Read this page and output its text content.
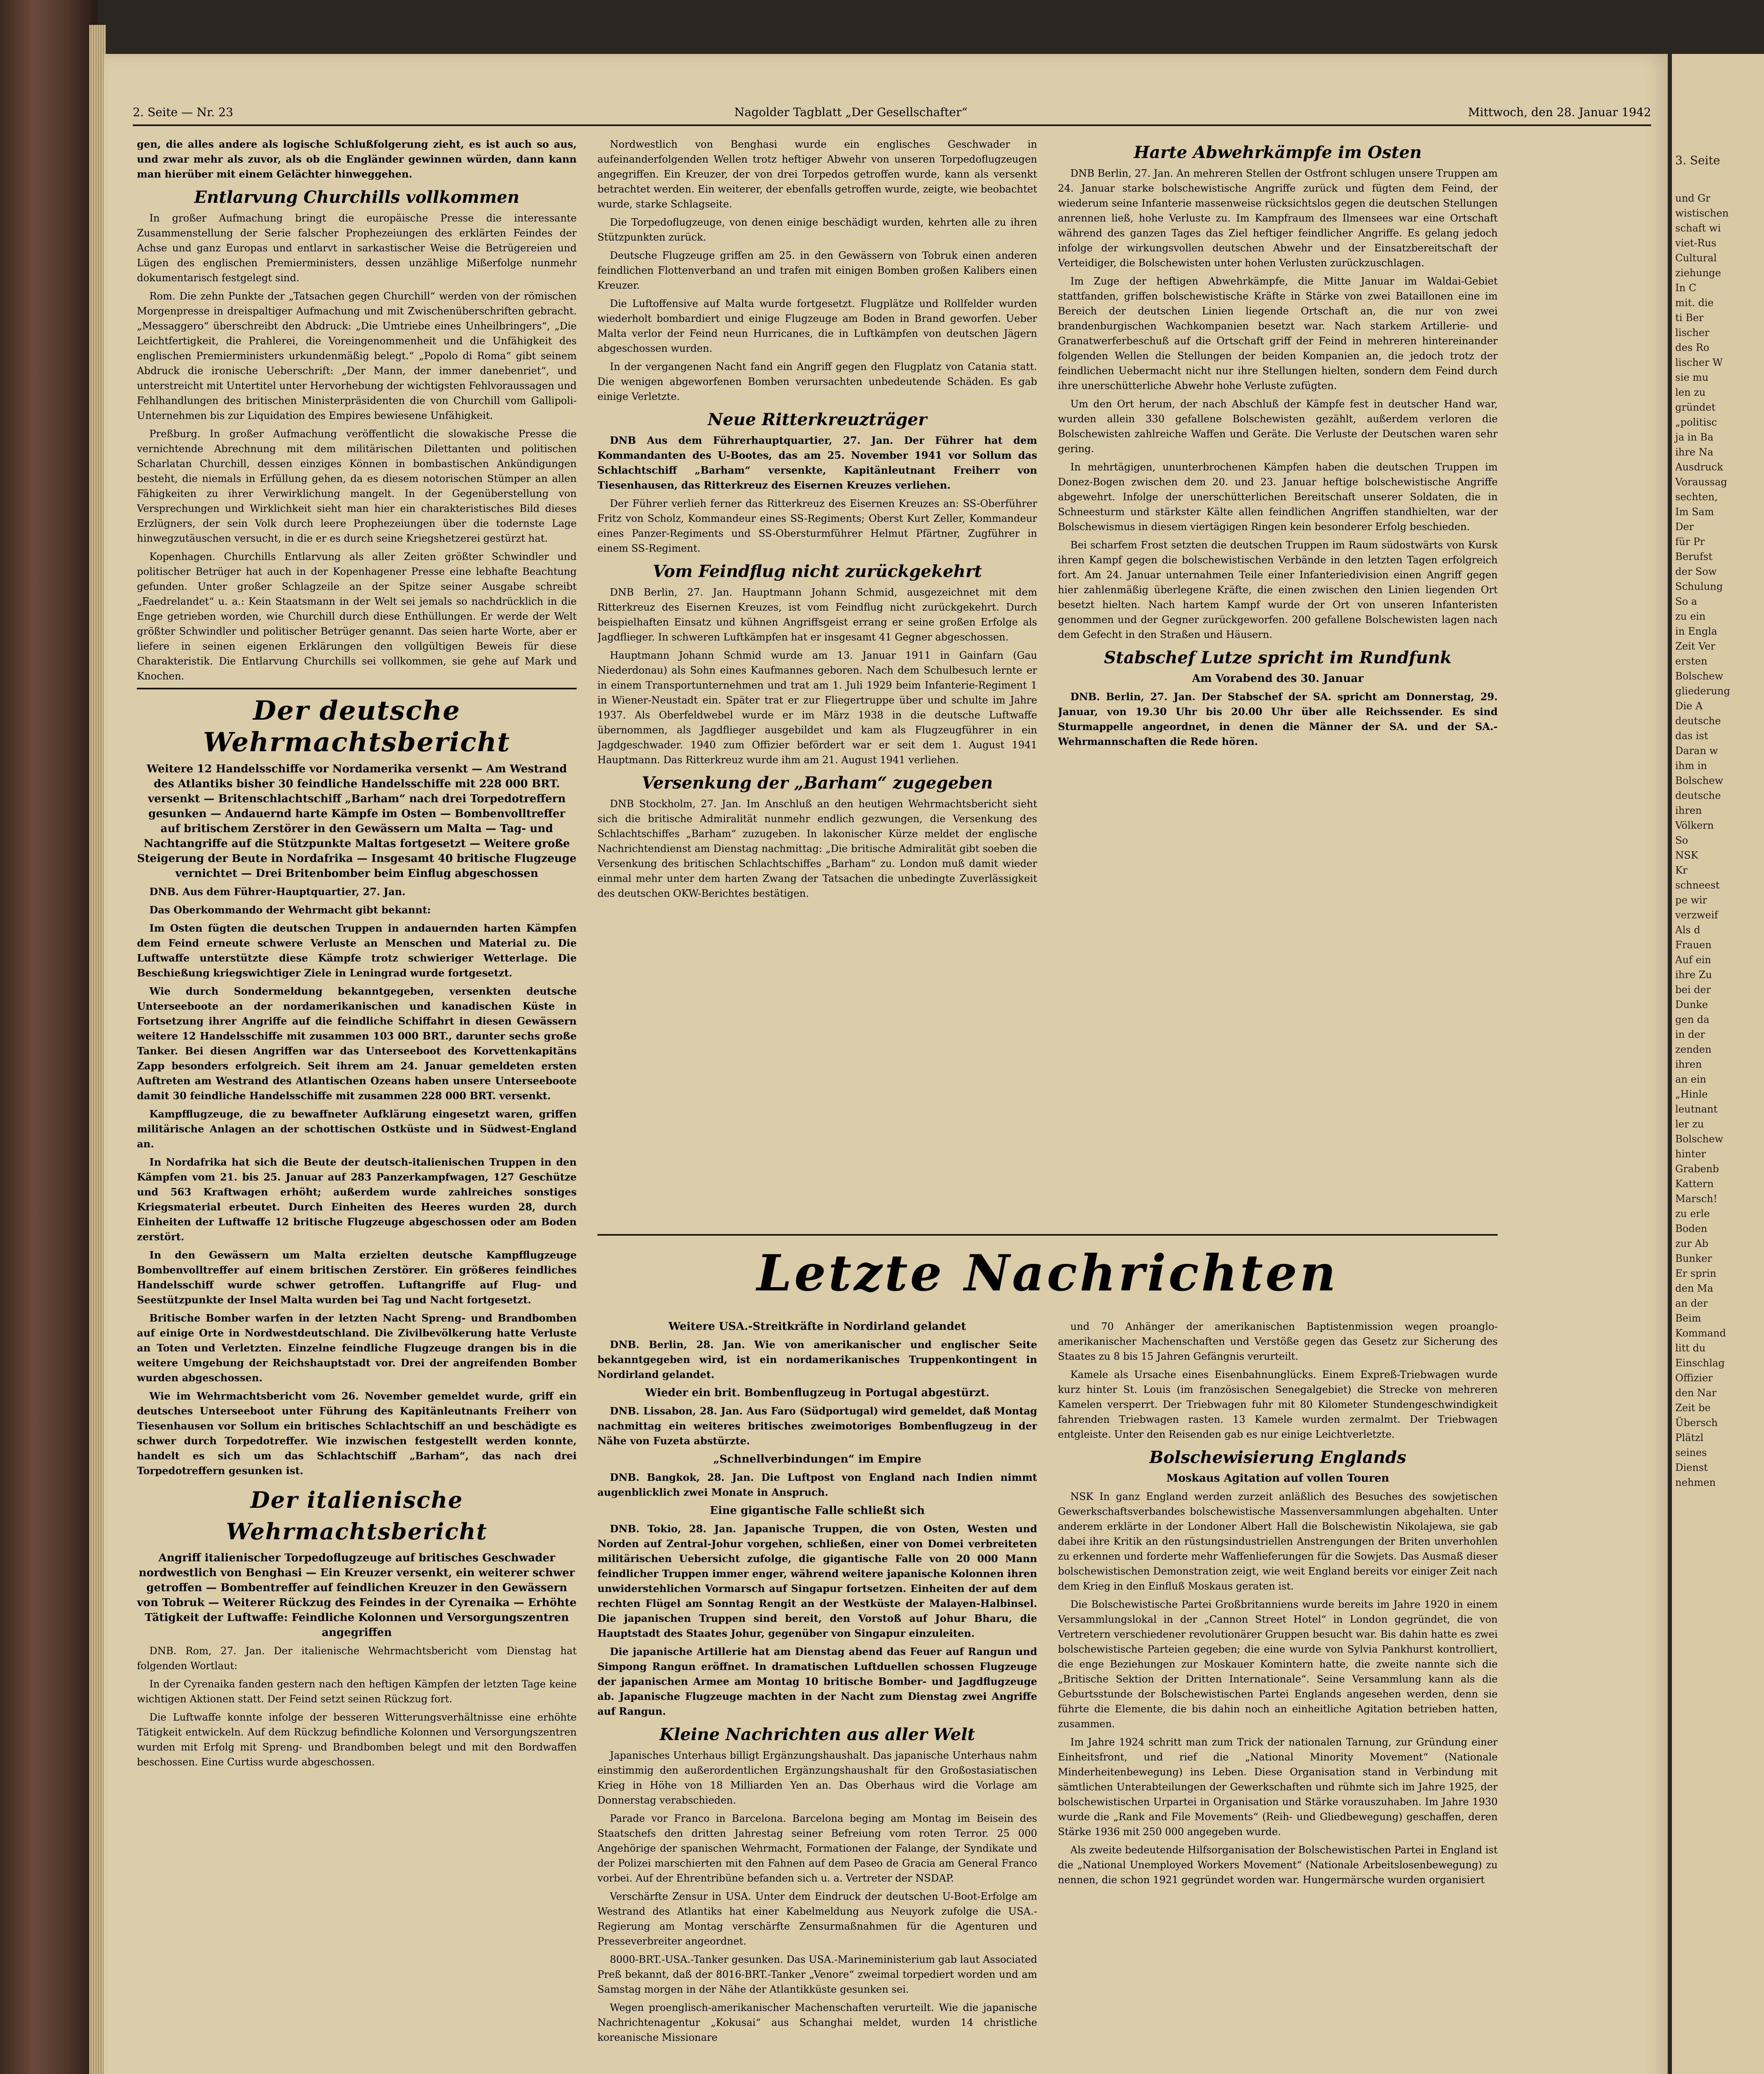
2. Seite — Nr. 23	Nagolder Tagblatt „Der Gesellschafter“	Mittwoch, den 28. Januar 1942

gen, die alles andere als logische Schlußfolgerung zieht, es ist auch so aus, und zwar mehr als zuvor, als ob die Engländer gewinnen würden, dann kann man hierüber mit einem Gelächter hinweggehen.

Entlarvung Churchills vollkommen

In großer Aufmachung bringt die europäische Presse die interessante Zusammenstellung der Serie falscher Prophezeiungen des erklärten Feindes der Achse und ganz Europas und entlarvt in sarkastischer Weise die Betrügereien und Lügen des englischen Premierministers, dessen unzählige Mißerfolge nunmehr dokumentarisch festgelegt sind.

Rom. Die zehn Punkte der „Tatsachen gegen Churchill“ werden von der römischen Morgenpresse in dreispaltiger Aufmachung und mit Zwischenüberschriften gebracht. „Messaggero“ überschreibt den Abdruck: „Die Umtriebe eines Unheilbringers“, „Die Leichtfertigkeit, die Prahlerei, die Voreingenommenheit und die Unfähigkeit des englischen Premierministers urkundenmäßig belegt.“ „Popolo di Roma“ gibt seinem Abdruck die ironische Ueberschrift: „Der Mann, der immer danebenriet“, und unterstreicht mit Untertitel unter Hervorhebung der wichtigsten Fehlvoraussagen und Fehlhandlungen des britischen Ministerpräsidenten die von Churchill vom Gallipoli-Unternehmen bis zur Liquidation des Empires bewiesene Unfähigkeit.

Preßburg. In großer Aufmachung veröffentlicht die slowakische Presse die vernichtende Abrechnung mit dem militärischen Dilettanten und politischen Scharlatan Churchill, dessen einziges Können in bombastischen Ankündigungen besteht, die niemals in Erfüllung gehen, da es diesem notorischen Stümper an allen Fähigkeiten zu ihrer Verwirklichung mangelt. In der Gegenüberstellung von Versprechungen und Wirklichkeit sieht man hier ein charakteristisches Bild dieses Erzlügners, der sein Volk durch leere Prophezeiungen über die todernste Lage hinwegzutäuschen versucht, in die er es durch seine Kriegshetzerei gestürzt hat.

Kopenhagen. Churchills Entlarvung als aller Zeiten größter Schwindler und politischer Betrüger hat auch in der Kopenhagener Presse eine lebhafte Beachtung gefunden. Unter großer Schlagzeile an der Spitze seiner Ausgabe schreibt „Faedrelandet“ u. a.: Kein Staatsmann in der Welt sei jemals so nachdrücklich in die Enge getrieben worden, wie Churchill durch diese Enthüllungen. Er werde der Welt größter Schwindler und politischer Betrüger genannt. Das seien harte Worte, aber er liefere in seinen eigenen Erklärungen den vollgültigen Beweis für diese Charakteristik. Die Entlarvung Churchills sei vollkommen, sie gehe auf Mark und Knochen.

Der deutsche Wehrmachtsbericht
Weitere 12 Handelsschiffe vor Nordamerika versenkt — Am Westrand des Atlantiks bisher 30 feindliche Handelsschiffe mit 228 000 BRT. versenkt — Britenschlachtschiff „Barham“ nach drei Torpedotreffern gesunken — Andauernd harte Kämpfe im Osten — Bombenvolltreffer auf britischem Zerstörer in den Gewässern um Malta — Tag- und Nachtangriffe auf die Stützpunkte Maltas fortgesetzt — Weitere große Steigerung der Beute in Nordafrika — Insgesamt 40 britische Flugzeuge vernichtet — Drei Britenbomber beim Einflug abgeschossen

DNB. Aus dem Führer-Hauptquartier, 27. Jan.

Das Oberkommando der Wehrmacht gibt bekannt:

Im Osten fügten die deutschen Truppen in andauernden harten Kämpfen dem Feind erneute schwere Verluste an Menschen und Material zu. Die Luftwaffe unterstützte diese Kämpfe trotz schwieriger Wetterlage. Die Beschießung kriegswichtiger Ziele in Leningrad wurde fortgesetzt.

Wie durch Sondermeldung bekanntgegeben, versenkten deutsche Unterseeboote an der nordamerikanischen und kanadischen Küste in Fortsetzung ihrer Angriffe auf die feindliche Schiffahrt in diesen Gewässern weitere 12 Handelsschiffe mit zusammen 103 000 BRT., darunter sechs große Tanker. Bei diesen Angriffen war das Unterseeboot des Korvettenkapitäns Zapp besonders erfolgreich. Seit ihrem am 24. Januar gemeldeten ersten Auftreten am Westrand des Atlantischen Ozeans haben unsere Unterseeboote damit 30 feindliche Handelsschiffe mit zusammen 228 000 BRT. versenkt.

Kampfflugzeuge, die zu bewaffneter Aufklärung eingesetzt waren, griffen militärische Anlagen an der schottischen Ostküste und in Südwest-England an.

In Nordafrika hat sich die Beute der deutsch-italienischen Truppen in den Kämpfen vom 21. bis 25. Januar auf 283 Panzerkampfwagen, 127 Geschütze und 563 Kraftwagen erhöht; außerdem wurde zahlreiches sonstiges Kriegsmaterial erbeutet. Durch Einheiten des Heeres wurden 28, durch Einheiten der Luftwaffe 12 britische Flugzeuge abgeschossen oder am Boden zerstört.

In den Gewässern um Malta erzielten deutsche Kampfflugzeuge Bombenvolltreffer auf einem britischen Zerstörer. Ein größeres feindliches Handelsschiff wurde schwer getroffen. Luftangriffe auf Flug- und Seestützpunkte der Insel Malta wurden bei Tag und Nacht fortgesetzt.

Britische Bomber warfen in der letzten Nacht Spreng- und Brandbomben auf einige Orte in Nordwestdeutschland. Die Zivilbevölkerung hatte Verluste an Toten und Verletzten. Einzelne feindliche Flugzeuge drangen bis in die weitere Umgebung der Reichshauptstadt vor. Drei der angreifenden Bomber wurden abgeschossen.

Wie im Wehrmachtsbericht vom 26. November gemeldet wurde, griff ein deutsches Unterseeboot unter Führung des Kapitänleutnants Freiherr von Tiesenhausen vor Sollum ein britisches Schlachtschiff an und beschädigte es schwer durch Torpedotreffer. Wie inzwischen festgestellt werden konnte, handelt es sich um das Schlachtschiff „Barham“, das nach drei Torpedotreffern gesunken ist.

Der italienische Wehrmachtsbericht
Angriff italienischer Torpedoflugzeuge auf britisches Geschwader nordwestlich von Benghasi — Ein Kreuzer versenkt, ein weiterer schwer getroffen — Bombentreffer auf feindlichen Kreuzer in den Gewässern von Tobruk — Weiterer Rückzug des Feindes in der Cyrenaika — Erhöhte Tätigkeit der Luftwaffe: Feindliche Kolonnen und Versorgungszentren angegriffen

DNB. Rom, 27. Jan. Der italienische Wehrmachtsbericht vom Dienstag hat folgenden Wortlaut:

In der Cyrenaika fanden gestern nach den heftigen Kämpfen der letzten Tage keine wichtigen Aktionen statt. Der Feind setzt seinen Rückzug fort.

Die Luftwaffe konnte infolge der besseren Witterungsverhältnisse eine erhöhte Tätigkeit entwickeln. Auf dem Rückzug befindliche Kolonnen und Versorgungszentren wurden mit Erfolg mit Spreng- und Brandbomben belegt und mit den Bordwaffen beschossen. Eine Curtiss wurde abgeschossen.

Nordwestlich von Benghasi wurde ein englisches Geschwader in aufeinanderfolgenden Wellen trotz heftiger Abwehr von unseren Torpedoflugzeugen angegriffen. Ein Kreuzer, der von drei Torpedos getroffen wurde, kann als versenkt betrachtet werden. Ein weiterer, der ebenfalls getroffen wurde, zeigte, wie beobachtet wurde, starke Schlagseite.

Die Torpedoflugzeuge, von denen einige beschädigt wurden, kehrten alle zu ihren Stützpunkten zurück.

Deutsche Flugzeuge griffen am 25. in den Gewässern von Tobruk einen anderen feindlichen Flottenverband an und trafen mit einigen Bomben großen Kalibers einen Kreuzer.

Die Luftoffensive auf Malta wurde fortgesetzt. Flugplätze und Rollfelder wurden wiederholt bombardiert und einige Flugzeuge am Boden in Brand geworfen. Ueber Malta verlor der Feind neun Hurricanes, die in Luftkämpfen von deutschen Jägern abgeschossen wurden.

In der vergangenen Nacht fand ein Angriff gegen den Flugplatz von Catania statt. Die wenigen abgeworfenen Bomben verursachten unbedeutende Schäden. Es gab einige Verletzte.

Neue Ritterkreuzträger

DNB Aus dem Führerhauptquartier, 27. Jan. Der Führer hat dem Kommandanten des U-Bootes, das am 25. November 1941 vor Sollum das Schlachtschiff „Barham“ versenkte, Kapitänleutnant Freiherr von Tiesenhausen, das Ritterkreuz des Eisernen Kreuzes verliehen.

Der Führer verlieh ferner das Ritterkreuz des Eisernen Kreuzes an: SS-Oberführer Fritz von Scholz, Kommandeur eines SS-Regiments; Oberst Kurt Zeller, Kommandeur eines Panzer-Regiments und SS-Obersturmführer Helmut Pfärtner, Zugführer in einem SS-Regiment.

Vom Feindflug nicht zurückgekehrt

DNB Berlin, 27. Jan. Hauptmann Johann Schmid, ausgezeichnet mit dem Ritterkreuz des Eisernen Kreuzes, ist vom Feindflug nicht zurückgekehrt. Durch beispielhaften Einsatz und kühnen Angriffsgeist errang er seine großen Erfolge als Jagdflieger. In schweren Luftkämpfen hat er insgesamt 41 Gegner abgeschossen.

Hauptmann Johann Schmid wurde am 13. Januar 1911 in Gainfarn (Gau Niederdonau) als Sohn eines Kaufmannes geboren. Nach dem Schulbesuch lernte er in einem Transportunternehmen und trat am 1. Juli 1929 beim Infanterie-Regiment 1 in Wiener-Neustadt ein. Später trat er zur Fliegertruppe über und schulte im Jahre 1937. Als Oberfeldwebel wurde er im März 1938 in die deutsche Luftwaffe übernommen, als Jagdflieger ausgebildet und kam als Flugzeugführer in ein Jagdgeschwader. 1940 zum Offizier befördert war er seit dem 1. August 1941 Hauptmann. Das Ritterkreuz wurde ihm am 21. August 1941 verliehen.

Versenkung der „Barham“ zugegeben

DNB Stockholm, 27. Jan. Im Anschluß an den heutigen Wehrmachtsbericht sieht sich die britische Admiralität nunmehr endlich gezwungen, die Versenkung des Schlachtschiffes „Barham“ zuzugeben. In lakonischer Kürze meldet der englische Nachrichtendienst am Dienstag nachmittag: „Die britische Admiralität gibt soeben die Versenkung des britischen Schlachtschiffes „Barham“ zu. London muß damit wieder einmal mehr unter dem harten Zwang der Tatsachen die unbedingte Zuverlässigkeit des deutschen OKW-Berichtes bestätigen.

Harte Abwehrkämpfe im Osten

DNB Berlin, 27. Jan. An mehreren Stellen der Ostfront schlugen unsere Truppen am 24. Januar starke bolschewistische Angriffe zurück und fügten dem Feind, der wiederum seine Infanterie massenweise rücksichtslos gegen die deutschen Stellungen anrennen ließ, hohe Verluste zu. Im Kampfraum des Ilmensees war eine Ortschaft während des ganzen Tages das Ziel heftiger feindlicher Angriffe. Es gelang jedoch infolge der wirkungsvollen deutschen Abwehr und der Einsatzbereitschaft der Verteidiger, die Bolschewisten unter hohen Verlusten zurückzuschlagen.

Im Zuge der heftigen Abwehrkämpfe, die Mitte Januar im Waldai-Gebiet stattfanden, griffen bolschewistische Kräfte in Stärke von zwei Bataillonen eine im Bereich der deutschen Linien liegende Ortschaft an, die nur von zwei brandenburgischen Wachkompanien besetzt war. Nach starkem Artillerie- und Granatwerferbeschuß auf die Ortschaft griff der Feind in mehreren hintereinander folgenden Wellen die Stellungen der beiden Kompanien an, die jedoch trotz der feindlichen Uebermacht nicht nur ihre Stellungen hielten, sondern dem Feind durch ihre unerschütterliche Abwehr hohe Verluste zufügten.

Um den Ort herum, der nach Abschluß der Kämpfe fest in deutscher Hand war, wurden allein 330 gefallene Bolschewisten gezählt, außerdem verloren die Bolschewisten zahlreiche Waffen und Geräte. Die Verluste der Deutschen waren sehr gering.

In mehrtägigen, ununterbrochenen Kämpfen haben die deutschen Truppen im Donez-Bogen zwischen dem 20. und 23. Januar heftige bolschewistische Angriffe abgewehrt. Infolge der unerschütterlichen Bereitschaft unserer Soldaten, die in Schneesturm und stärkster Kälte allen feindlichen Angriffen standhielten, war der Bolschewismus in diesem viertägigen Ringen kein besonderer Erfolg beschieden.

Bei scharfem Frost setzten die deutschen Truppen im Raum südostwärts von Kursk ihren Kampf gegen die bolschewistischen Verbände in den letzten Tagen erfolgreich fort. Am 24. Januar unternahmen Teile einer Infanteriedivision einen Angriff gegen hier zahlenmäßig überlegene Kräfte, die einen zwischen den Linien liegenden Ort besetzt hielten. Nach hartem Kampf wurde der Ort von unseren Infanteristen genommen und der Gegner zurückgeworfen. 200 gefallene Bolschewisten lagen nach dem Gefecht in den Straßen und Häusern.

Stabschef Lutze spricht im Rundfunk
Am Vorabend des 30. Januar

DNB. Berlin, 27. Jan. Der Stabschef der SA. spricht am Donnerstag, 29. Januar, von 19.30 Uhr bis 20.00 Uhr über alle Reichssender. Es sind Sturmappelle angeordnet, in denen die Männer der SA. und der SA.-Wehrmannschaften die Rede hören.

Letzte Nachrichten
Weitere USA.-Streitkräfte in Nordirland gelandet

DNB. Berlin, 28. Jan. Wie von amerikanischer und englischer Seite bekanntgegeben wird, ist ein nordamerikanisches Truppenkontingent in Nordirland gelandet.

Wieder ein brit. Bombenflugzeug in Portugal abgestürzt.

DNB. Lissabon, 28. Jan. Aus Faro (Südportugal) wird gemeldet, daß Montag nachmittag ein weiteres britisches zweimotoriges Bombenflugzeug in der Nähe von Fuzeta abstürzte.

„Schnellverbindungen“ im Empire

DNB. Bangkok, 28. Jan. Die Luftpost von England nach Indien nimmt augenblicklich zwei Monate in Anspruch.

Eine gigantische Falle schließt sich

DNB. Tokio, 28. Jan. Japanische Truppen, die von Osten, Westen und Norden auf Zentral-Johur vorgehen, schließen, einer von Domei verbreiteten militärischen Uebersicht zufolge, die gigantische Falle von 20 000 Mann feindlicher Truppen immer enger, während weitere japanische Kolonnen ihren unwiderstehlichen Vormarsch auf Singapur fortsetzen. Einheiten der auf dem rechten Flügel am Sonntag Rengit an der Westküste der Malayen-Halbinsel. Die japanischen Truppen sind bereit, den Vorstoß auf Johur Bharu, die Hauptstadt des Staates Johur, gegenüber von Singapur einzuleiten.

Die japanische Artillerie hat am Dienstag abend das Feuer auf Rangun und Simpong Rangun eröffnet. In dramatischen Luftduellen schossen Flugzeuge der japanischen Armee am Montag 10 britische Bomber- und Jagdflugzeuge ab. Japanische Flugzeuge machten in der Nacht zum Dienstag zwei Angriffe auf Rangun.

Kleine Nachrichten aus aller Welt

Japanisches Unterhaus billigt Ergänzungshaushalt. Das japanische Unterhaus nahm einstimmig den außerordentlichen Ergänzungshaushalt für den Großostasiatischen Krieg in Höhe von 18 Milliarden Yen an. Das Oberhaus wird die Vorlage am Donnerstag verabschieden.

Parade vor Franco in Barcelona. Barcelona beging am Montag im Beisein des Staatschefs den dritten Jahrestag seiner Befreiung vom roten Terror. 25 000 Angehörige der spanischen Wehrmacht, Formationen der Falange, der Syndikate und der Polizei marschierten mit den Fahnen auf dem Paseo de Gracia am General Franco vorbei. Auf der Ehrentribüne befanden sich u. a. Vertreter der NSDAP.

Verschärfte Zensur in USA. Unter dem Eindruck der deutschen U-Boot-Erfolge am Westrand des Atlantiks hat einer Kabelmeldung aus Neuyork zufolge die USA.-Regierung am Montag verschärfte Zensurmaßnahmen für die Agenturen und Presseverbreiter angeordnet.

8000-BRT.-USA.-Tanker gesunken. Das USA.-Marineministerium gab laut Associated Preß bekannt, daß der 8016-BRT.-Tanker „Venore“ zweimal torpediert worden und am Samstag morgen in der Nähe der Atlantikküste gesunken sei.

Wegen proenglisch-amerikanischer Machenschaften verurteilt. Wie die japanische Nachrichtenagentur „Kokusai“ aus Schanghai meldet, wurden 14 christliche koreanische Missionare

und 70 Anhänger der amerikanischen Baptistenmission wegen proanglo-amerikanischer Machenschaften und Verstöße gegen das Gesetz zur Sicherung des Staates zu 8 bis 15 Jahren Gefängnis verurteilt.

Kamele als Ursache eines Eisenbahnunglücks. Einem Expreß-Triebwagen wurde kurz hinter St. Louis (im französischen Senegalgebiet) die Strecke von mehreren Kamelen versperrt. Der Triebwagen fuhr mit 80 Kilometer Stundengeschwindigkeit fahrenden Triebwagen rasten. 13 Kamele wurden zermalmt. Der Triebwagen entgleiste. Unter den Reisenden gab es nur einige Leichtverletzte.

Bolschewisierung Englands
Moskaus Agitation auf vollen Touren

NSK In ganz England werden zurzeit anläßlich des Besuches des sowjetischen Gewerkschaftsverbandes bolschewistische Massenversammlungen abgehalten. Unter anderem erklärte in der Londoner Albert Hall die Bolschewistin Nikolajewa, sie gab dabei ihre Kritik an den rüstungsindustriellen Anstrengungen der Briten unverhohlen zu erkennen und forderte mehr Waffenlieferungen für die Sowjets. Das Ausmaß dieser bolschewistischen Demonstration zeigt, wie weit England bereits vor einiger Zeit nach dem Krieg in den Einfluß Moskaus geraten ist.

Die Bolschewistische Partei Großbritanniens wurde bereits im Jahre 1920 in einem Versammlungslokal in der „Cannon Street Hotel“ in London gegründet, die von Vertretern verschiedener revolutionärer Gruppen besucht war. Bis dahin hatte es zwei bolschewistische Parteien gegeben; die eine wurde von Sylvia Pankhurst kontrolliert, die enge Beziehungen zur Moskauer Komintern hatte, die zweite nannte sich die „Britische Sektion der Dritten Internationale“. Seine Versammlung kann als die Geburtsstunde der Bolschewistischen Partei Englands angesehen werden, denn sie führte die Elemente, die bis dahin noch an einheitliche Agitation betrieben hatten, zusammen.

Im Jahre 1924 schritt man zum Trick der nationalen Tarnung, zur Gründung einer Einheitsfront, und rief die „National Minority Movement“ (Nationale Minderheitenbewegung) ins Leben. Diese Organisation stand in Verbindung mit sämtlichen Unterabteilungen der Gewerkschaften und rühmte sich im Jahre 1925, der bolschewistischen Urpartei in Organisation und Stärke vorauszuhaben. Im Jahre 1930 wurde die „Rank and File Movements“ (Reih- und Gliedbewegung) geschaffen, deren Stärke 1936 mit 250 000 angegeben wurde.

Als zweite bedeutende Hilfsorganisation der Bolschewistischen Partei in England ist die „National Unemployed Workers Movement“ (Nationale Arbeitslosenbewegung) zu nennen, die schon 1921 gegründet worden war. Hungermärsche wurden organisiert

3. Seite
und Gr
wistischen
schaft wi
viet-Rus
Cultural
ziehunge
In C
mit. die
ti Ber
lischer
des Ro
lischer W
sie mu
len zu
gründet
„politisc
ja in Ba
ihre Na
Ausdruck
Voraussag
sechten,
Im Sam
Der
für Pr
Berufst
der Sow
Schulung
So a
zu ein
in Engla
Zeit Ver
ersten
Bolschew
gliederung
Die A
deutsche
das ist
Daran w
ihm in
Bolschew
deutsche
ihren
Völkern
So
NSK
Kr
schneest
pe wir
verzweif
Als d
Frauen
Auf ein
ihre Zu
bei der
Dunke
gen da
in der
zenden
ihren
an ein
„Hinle
leutnant
ler zu
Bolschew
hinter
Grabenb
Kattern
Marsch!
zu erle
Boden
zur Ab
Bunker
Er sprin
den Ma
an der
Beim
Kommand
litt du
Einschlag
Offizier
den Nar
Zeit be
Übersch
Plätzl
seines
Dienst
nehmen
